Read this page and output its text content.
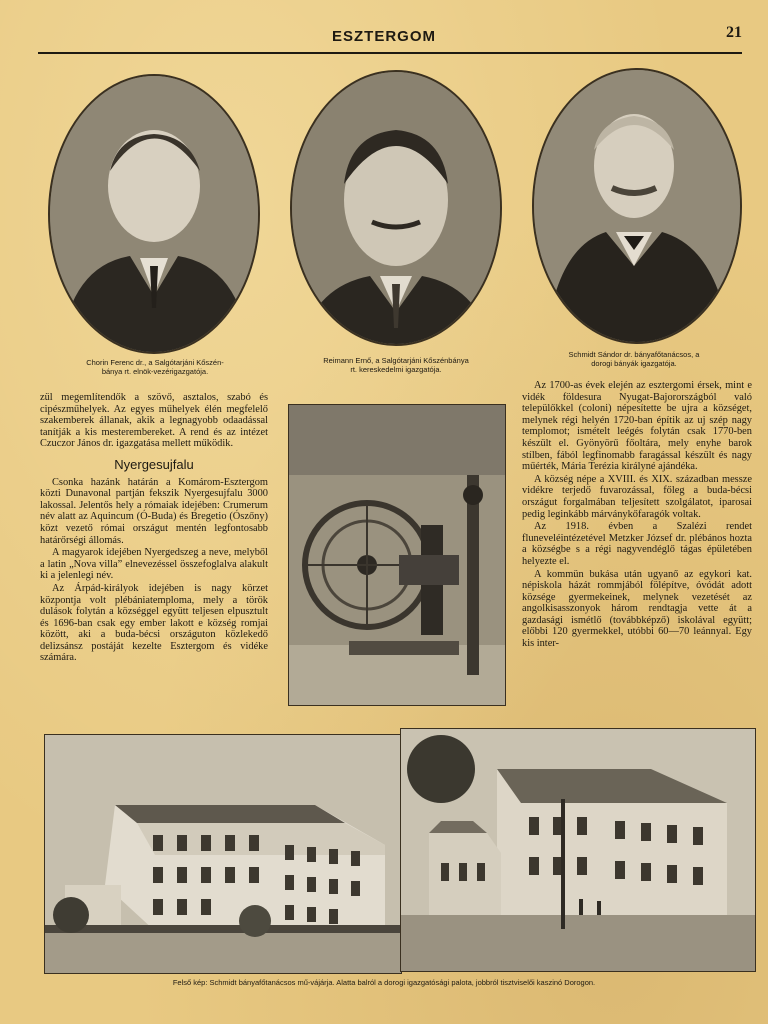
ESZTERGOM	21
Chorin Ferenc dr., a Salgótarjáni Kőszén-
bánya rt. elnök-vezérigazgatója.
Reimann Ernő, a Salgótarjáni Kőszénbánya
rt. kereskedelmi igazgatója.
Schmidt Sándor dr. bányafőtanácsos, a
dorogi bányák igazgatója.

zül megemlítendők a szövő, asztalos, szabó és cipészműhelyek. Az egyes műhelyek élén megfelelő szakemberek állanak, akik a legnagyobb odaadással tanítják a kis mesterembereket. A rend és az intézet Czuczor János dr. igazgatása mellett működik.

Nyergesujfalu

Csonka hazánk határán a Komárom-Esztergom közti Dunavonal partján fekszik Nyergesujfalu 3000 lakossal. Jelentős hely a rómaiak idejében: Crumerum név alatt az Aquincum (Ó-Buda) és Bregetio (Ószőny) közt vezető római országut mentén legfontosabb határőrségi állomás.

A magyarok idejében Nyergedszeg a neve, melyből a latin „Nova villa” elnevezéssel összefoglalva alakult ki a jelenlegi név.

Az Árpád-királyok idejében is nagy körzet központja volt plébániatemploma, mely a török dulások folytán a községgel együtt teljesen elpusztult és 1696-ban csak egy ember lakott e község romjai között, aki a buda-bécsi országuton közlekedő delizsánsz postáját kezelte Esztergom és vidéke számára.

Az 1700-as évek elején az esztergomi érsek, mint e vidék földesura Nyugat-Bajorországból való települőkkel (coloni) népesítette be ujra a községet, melynek régi helyén 1720-ban építik az uj szép nagy templomot; ismételt leégés folytán csak 1770-ben készült el. Gyönyörű főoltára, mely enyhe barok stílben, fából legfinomabb faragással készült és nagy műérték, Mária Terézia királyné ajándéka.

A község népe a XVIII. és XIX. században messze vidékre terjedő fuvarozással, főleg a buda-bécsi országut forgalmában teljesített szolgálatot, iparosai pedig leginkább márványkőfaragók voltak.

Az 1918. évben a Szalézi rendet fluneveléintézetével Metzker József dr. plébános hozta a községbe s a régi nagyvendéglő tágas épületében helyezte el.

A kommün bukása után ugyanő az egykori kat. népiskola házát rommjából fölépítve, óvódát adott községe gyermekeinek, melynek vezetését az angolkisasszonyok három rendtagja vette át a gazdasági ismétlő (továbbképző) iskolával együtt; előbbi 120 gyermekkel, utóbbi 60—70 leánnyal. Egy kis inter-

Felső kép: Schmidt bányafőtanácsos mű-vájárja. Alatta balról a dorogi igazgatósági palota, jobbról tisztviselői kaszinó Dorogon.
